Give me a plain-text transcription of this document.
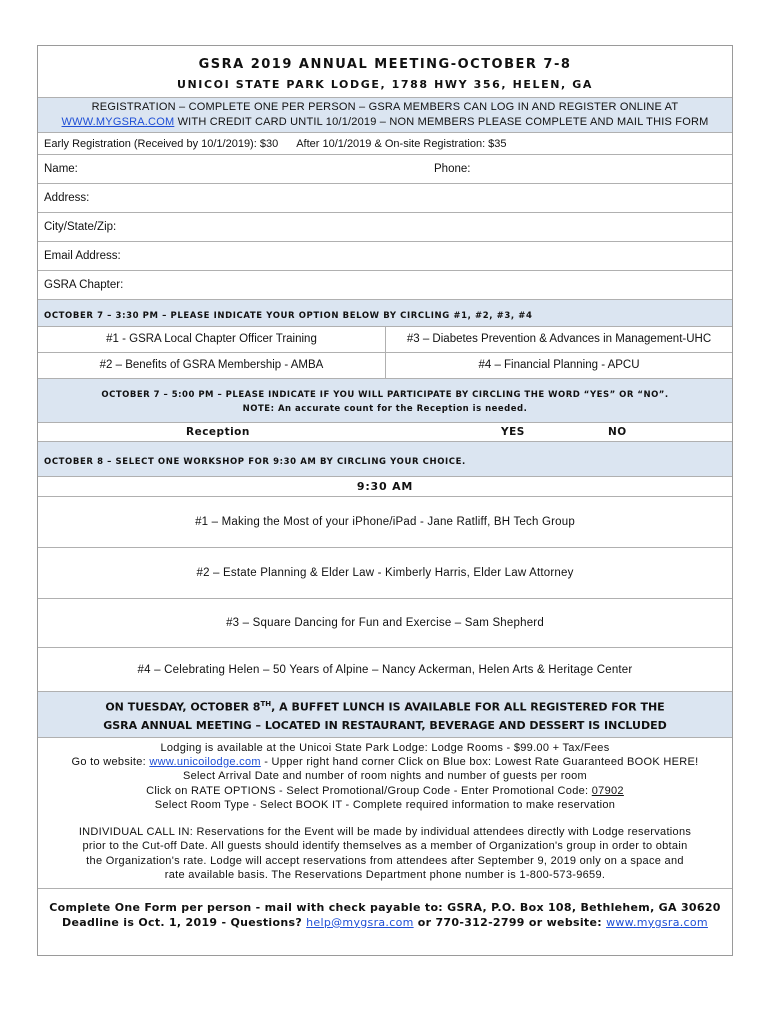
GSRA 2019 ANNUAL MEETING-OCTOBER 7-8
UNICOI STATE PARK LODGE, 1788 HWY 356, HELEN, GA
REGISTRATION – COMPLETE ONE PER PERSON – GSRA MEMBERS CAN LOG IN AND REGISTER ONLINE AT
WWW.MYGSRA.COM WITH CREDIT CARD UNTIL 10/1/2019 – NON MEMBERS PLEASE COMPLETE AND MAIL THIS FORM
Early Registration (Received by 10/1/2019): $30 After 10/1/2019 & On-site Registration: $35
Name:	Phone:
Address:
City/State/Zip:
Email Address:
GSRA Chapter:
OCTOBER 7 – 3:30 PM – PLEASE INDICATE YOUR OPTION BELOW BY CIRCLING #1, #2, #3, #4
#1 - GSRA Local Chapter Officer Training	#3 – Diabetes Prevention & Advances in Management-UHC
#2 – Benefits of GSRA Membership - AMBA	#4 – Financial Planning - APCU
OCTOBER 7 – 5:00 PM – PLEASE INDICATE IF YOU WILL PARTICIPATE BY CIRCLING THE WORD “YES” OR “NO”.
NOTE: An accurate count for the Reception is needed.
Reception	YES	NO
OCTOBER 8 – SELECT ONE WORKSHOP FOR 9:30 AM BY CIRCLING YOUR CHOICE.
9:30 AM
#1 – Making the Most of your iPhone/iPad - Jane Ratliff, BH Tech Group
#2 – Estate Planning & Elder Law - Kimberly Harris, Elder Law Attorney
#3 – Square Dancing for Fun and Exercise – Sam Shepherd
#4 – Celebrating Helen – 50 Years of Alpine – Nancy Ackerman, Helen Arts & Heritage Center
ON TUESDAY, OCTOBER 8TH, A BUFFET LUNCH IS AVAILABLE FOR ALL REGISTERED FOR THE
GSRA ANNUAL MEETING – LOCATED IN RESTAURANT, BEVERAGE AND DESSERT IS INCLUDED

Lodging is available at the Unicoi State Park Lodge: Lodge Rooms - $99.00 + Tax/Fees

Go to website: www.unicoilodge.com - Upper right hand corner Click on Blue box: Lowest Rate Guaranteed BOOK HERE!

Select Arrival Date and number of room nights and number of guests per room

Click on RATE OPTIONS - Select Promotional/Group Code - Enter Promotional Code: 07902

Select Room Type - Select BOOK IT - Complete required information to make reservation

INDIVIDUAL CALL IN: Reservations for the Event will be made by individual attendees directly with Lodge reservations

prior to the Cut-off Date. All guests should identify themselves as a member of Organization's group in order to obtain

the Organization's rate. Lodge will accept reservations from attendees after September 9, 2019 only on a space and

rate available basis. The Reservations Department phone number is 1-800-573-9659.

Complete One Form per person - mail with check payable to: GSRA, P.O. Box 108, Bethlehem, GA 30620
Deadline is Oct. 1, 2019 - Questions? help@mygsra.com or 770-312-2799 or website: www.mygsra.com
